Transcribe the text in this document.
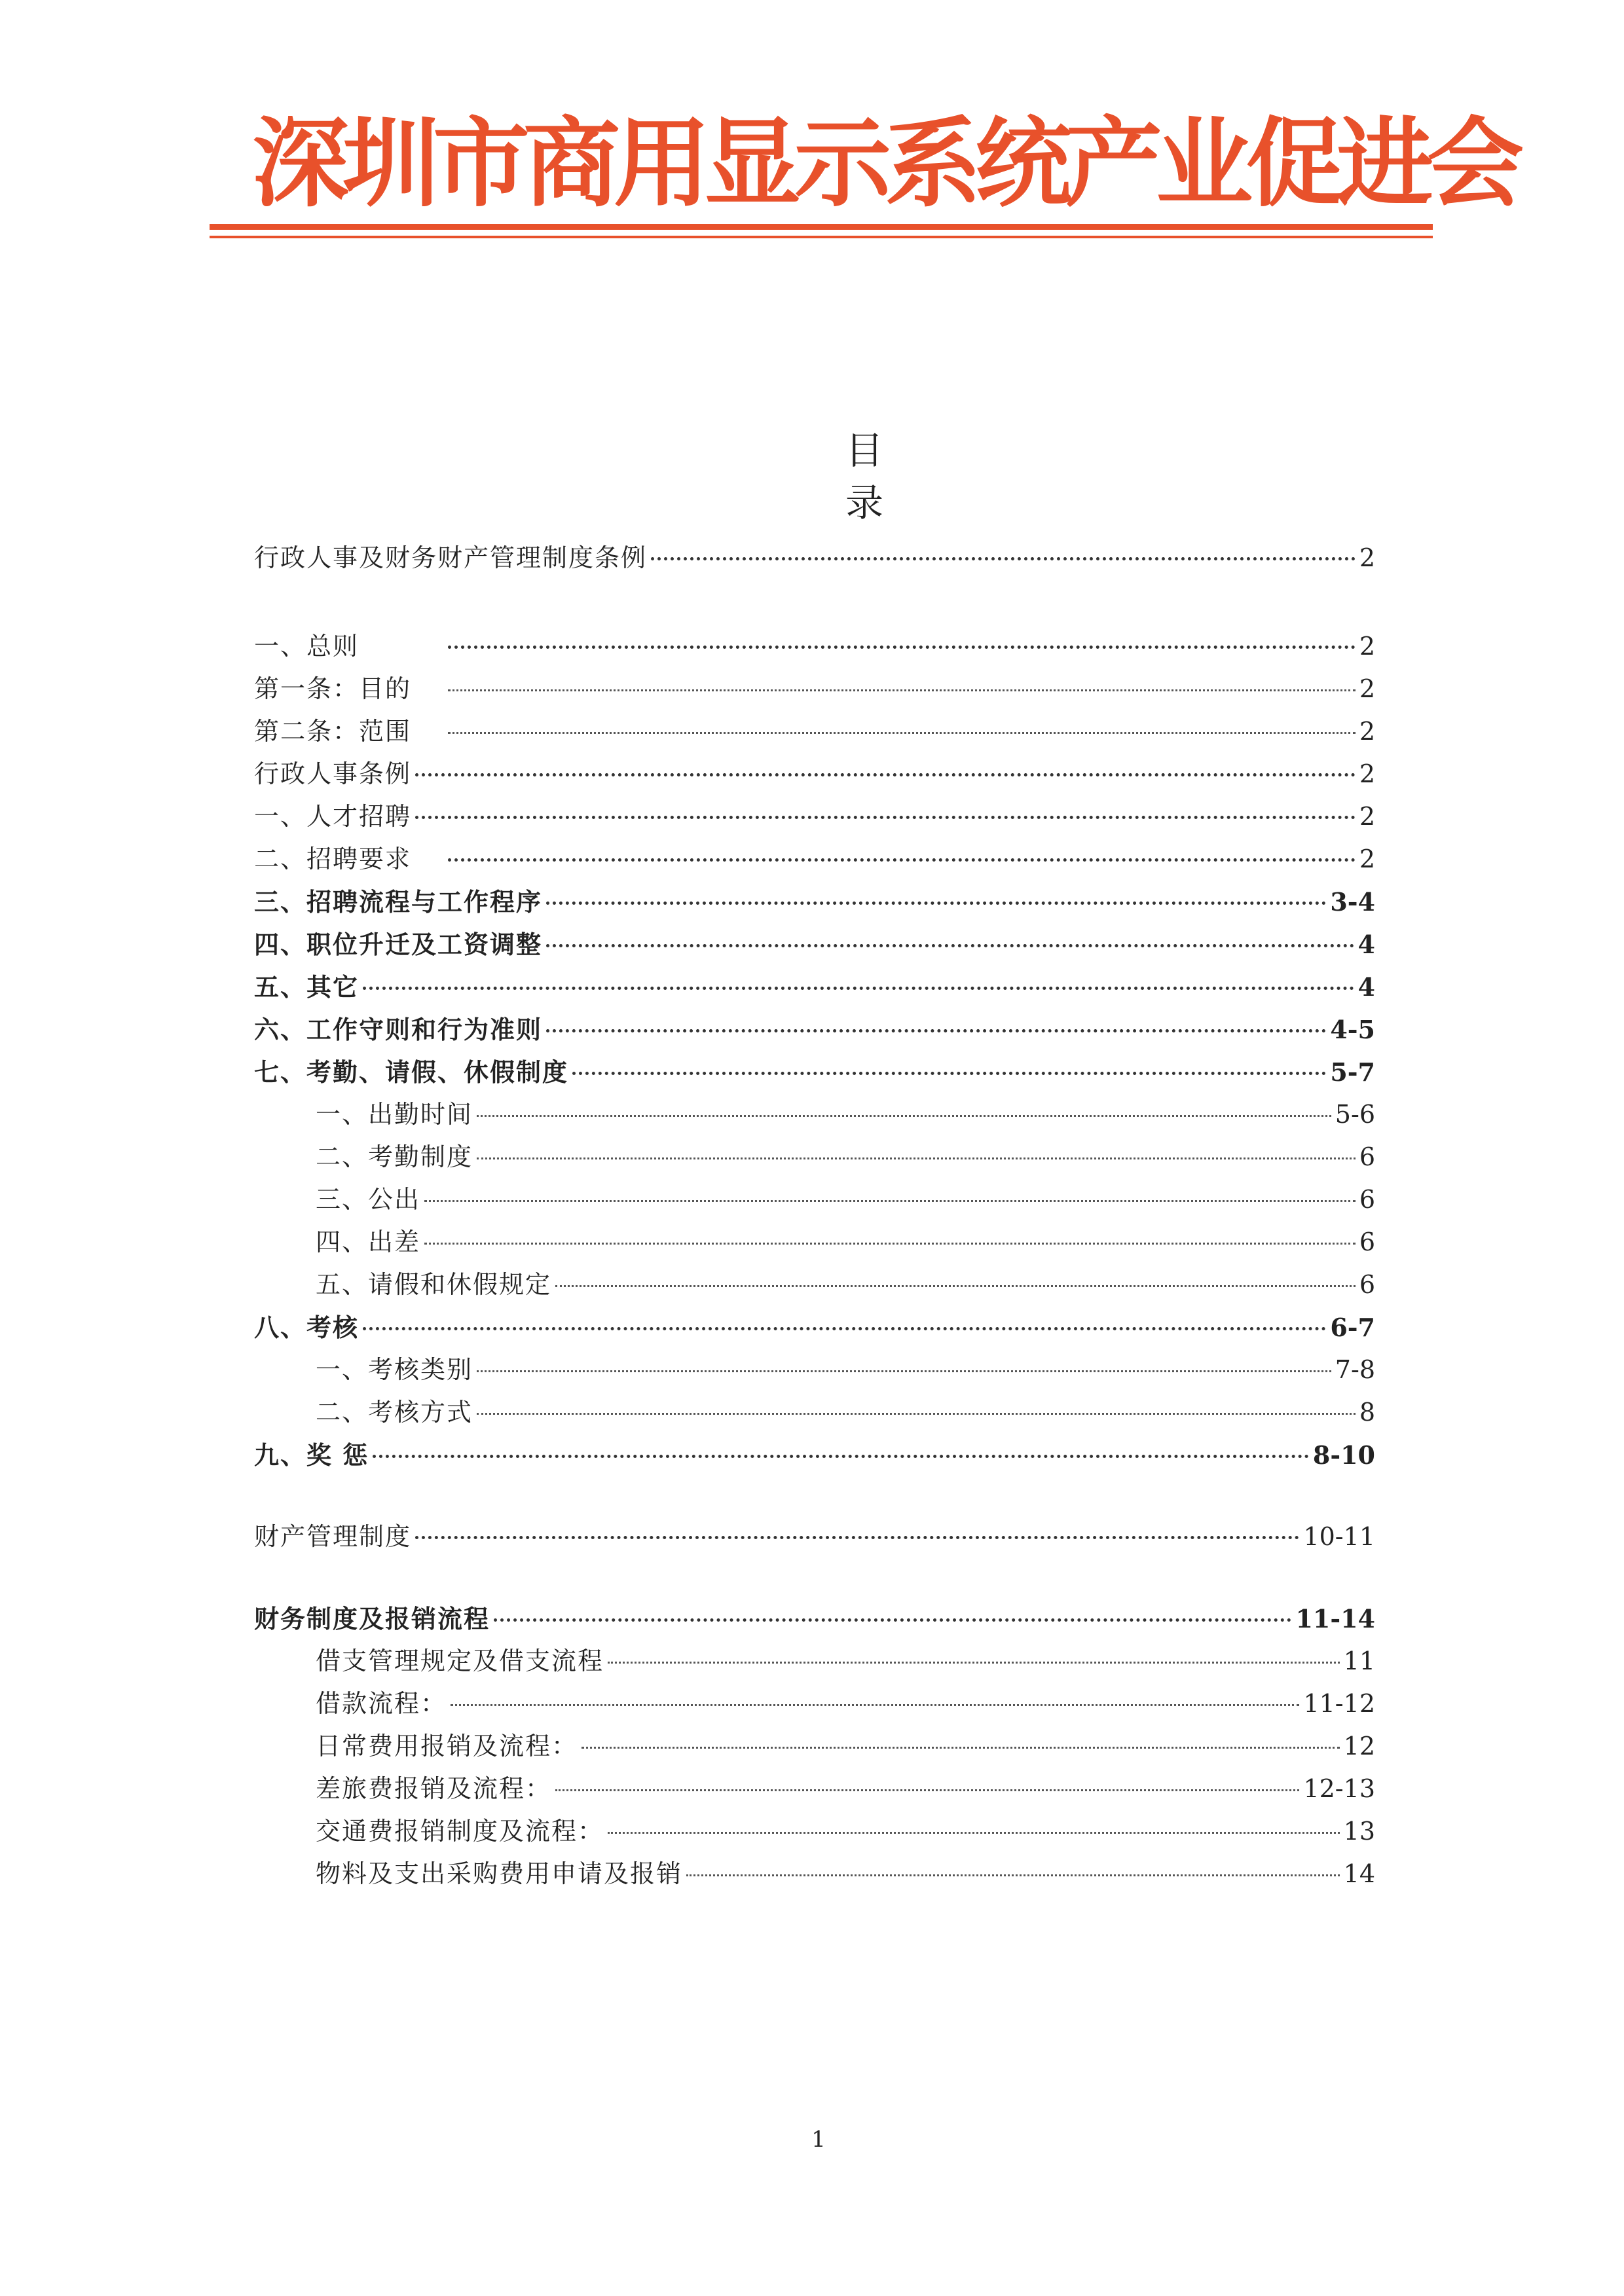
深圳市商用显示系统产业促进会
目 录
行政人事及财务财产管理制度条例	2
一、总则	2
第一条：目的	2
第二条：范围	2
行政人事条例	2
一、人才招聘	2
二、招聘要求	2
三、招聘流程与工作程序	3-4
四、职位升迁及工资调整	4
五、其它	4
六、工作守则和行为准则	4-5
七、考勤、请假、休假制度	5-7
一、出勤时间	5-6
二、考勤制度	6
三、公出	6
四、出差	6
五、请假和休假规定	6
八、考核	6-7
一、考核类别	7-8
二、考核方式	8
九、奖 惩	8-10
财产管理制度	10-11
财务制度及报销流程	11-14
借支管理规定及借支流程	11
借款流程：	11-12
日常费用报销及流程：	12
差旅费报销及流程：	12-13
交通费报销制度及流程：	13
物料及支出采购费用申请及报销	14
1
